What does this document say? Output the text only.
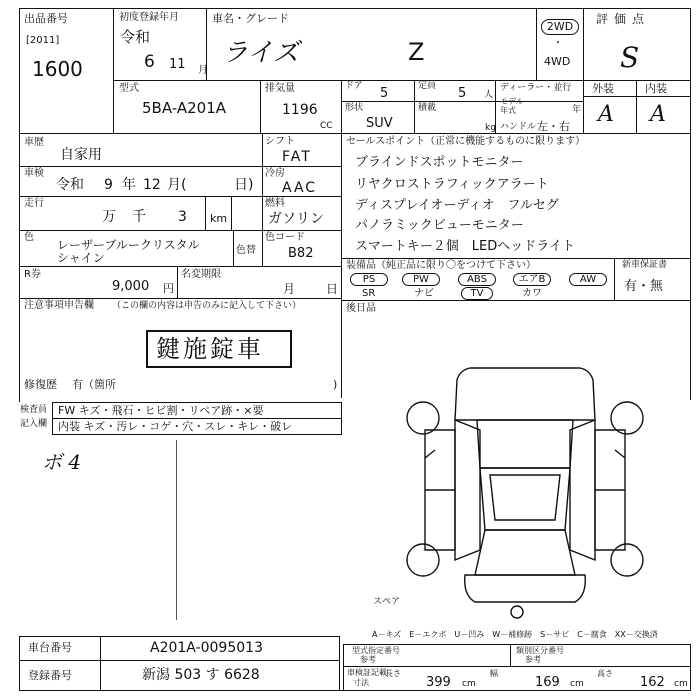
出品番号
[2011]
1600
初度登録年月
令和
6 11 月
車名・グレード
ライズ	Z
2WD
・
4WD
評価点
S
型式
5BA-A201A
排気量
1196
CC
ドア 5	定員 5 人
形状
SUV
積載
kg
ディーラー・並行
モデル
年式	年
ハンドル 左・右
外装	内装
A A
車歴
自家用
車検
令和 9 年 12 月(	日)
走行
万 千 3 km
色
レーザーブルークリスタル
シャイン
色替
R券
9,000 円
名変期限
月	日
シフト
FAT
冷房
AAC
燃料
ガソリン
色コード
B82
注意事項申告欄 （この欄の内容は申告のみに記入して下さい）
鍵施錠車
修復歴 有（箇所	)
セールスポイント（正常に機能するものに限ります）
ブラインドスポットモニター
リヤクロストラフィックアラート
ディスプレイオーディオ　フルセグ
パノラミックビューモニター
スマートキー２個　LEDヘッドライト
装備品（純正品に限り〇をつけて下さい）
PS	PW	ABS	エアB	AW
SR	ナビ	TV	カワ
新車保証書
有・無
後日品
検査員
記入欄
FW キズ・飛石・ヒビ割・リペア跡・×要
内装 キズ・汚レ・コゲ・穴・スレ・キレ・破レ
ボ 4
スペア
A－キズ　E－エクボ　U－凹み　W－補修跡　S－サビ　C－腐食　XX－交換済
車台番号	A201A-0095013
登録番号	新潟 503 す 6628
型式指定番号
参考
類別区分番号
参考
車検証記載
寸法
長さ
399 cm
幅
169 cm
高さ
162 cm
